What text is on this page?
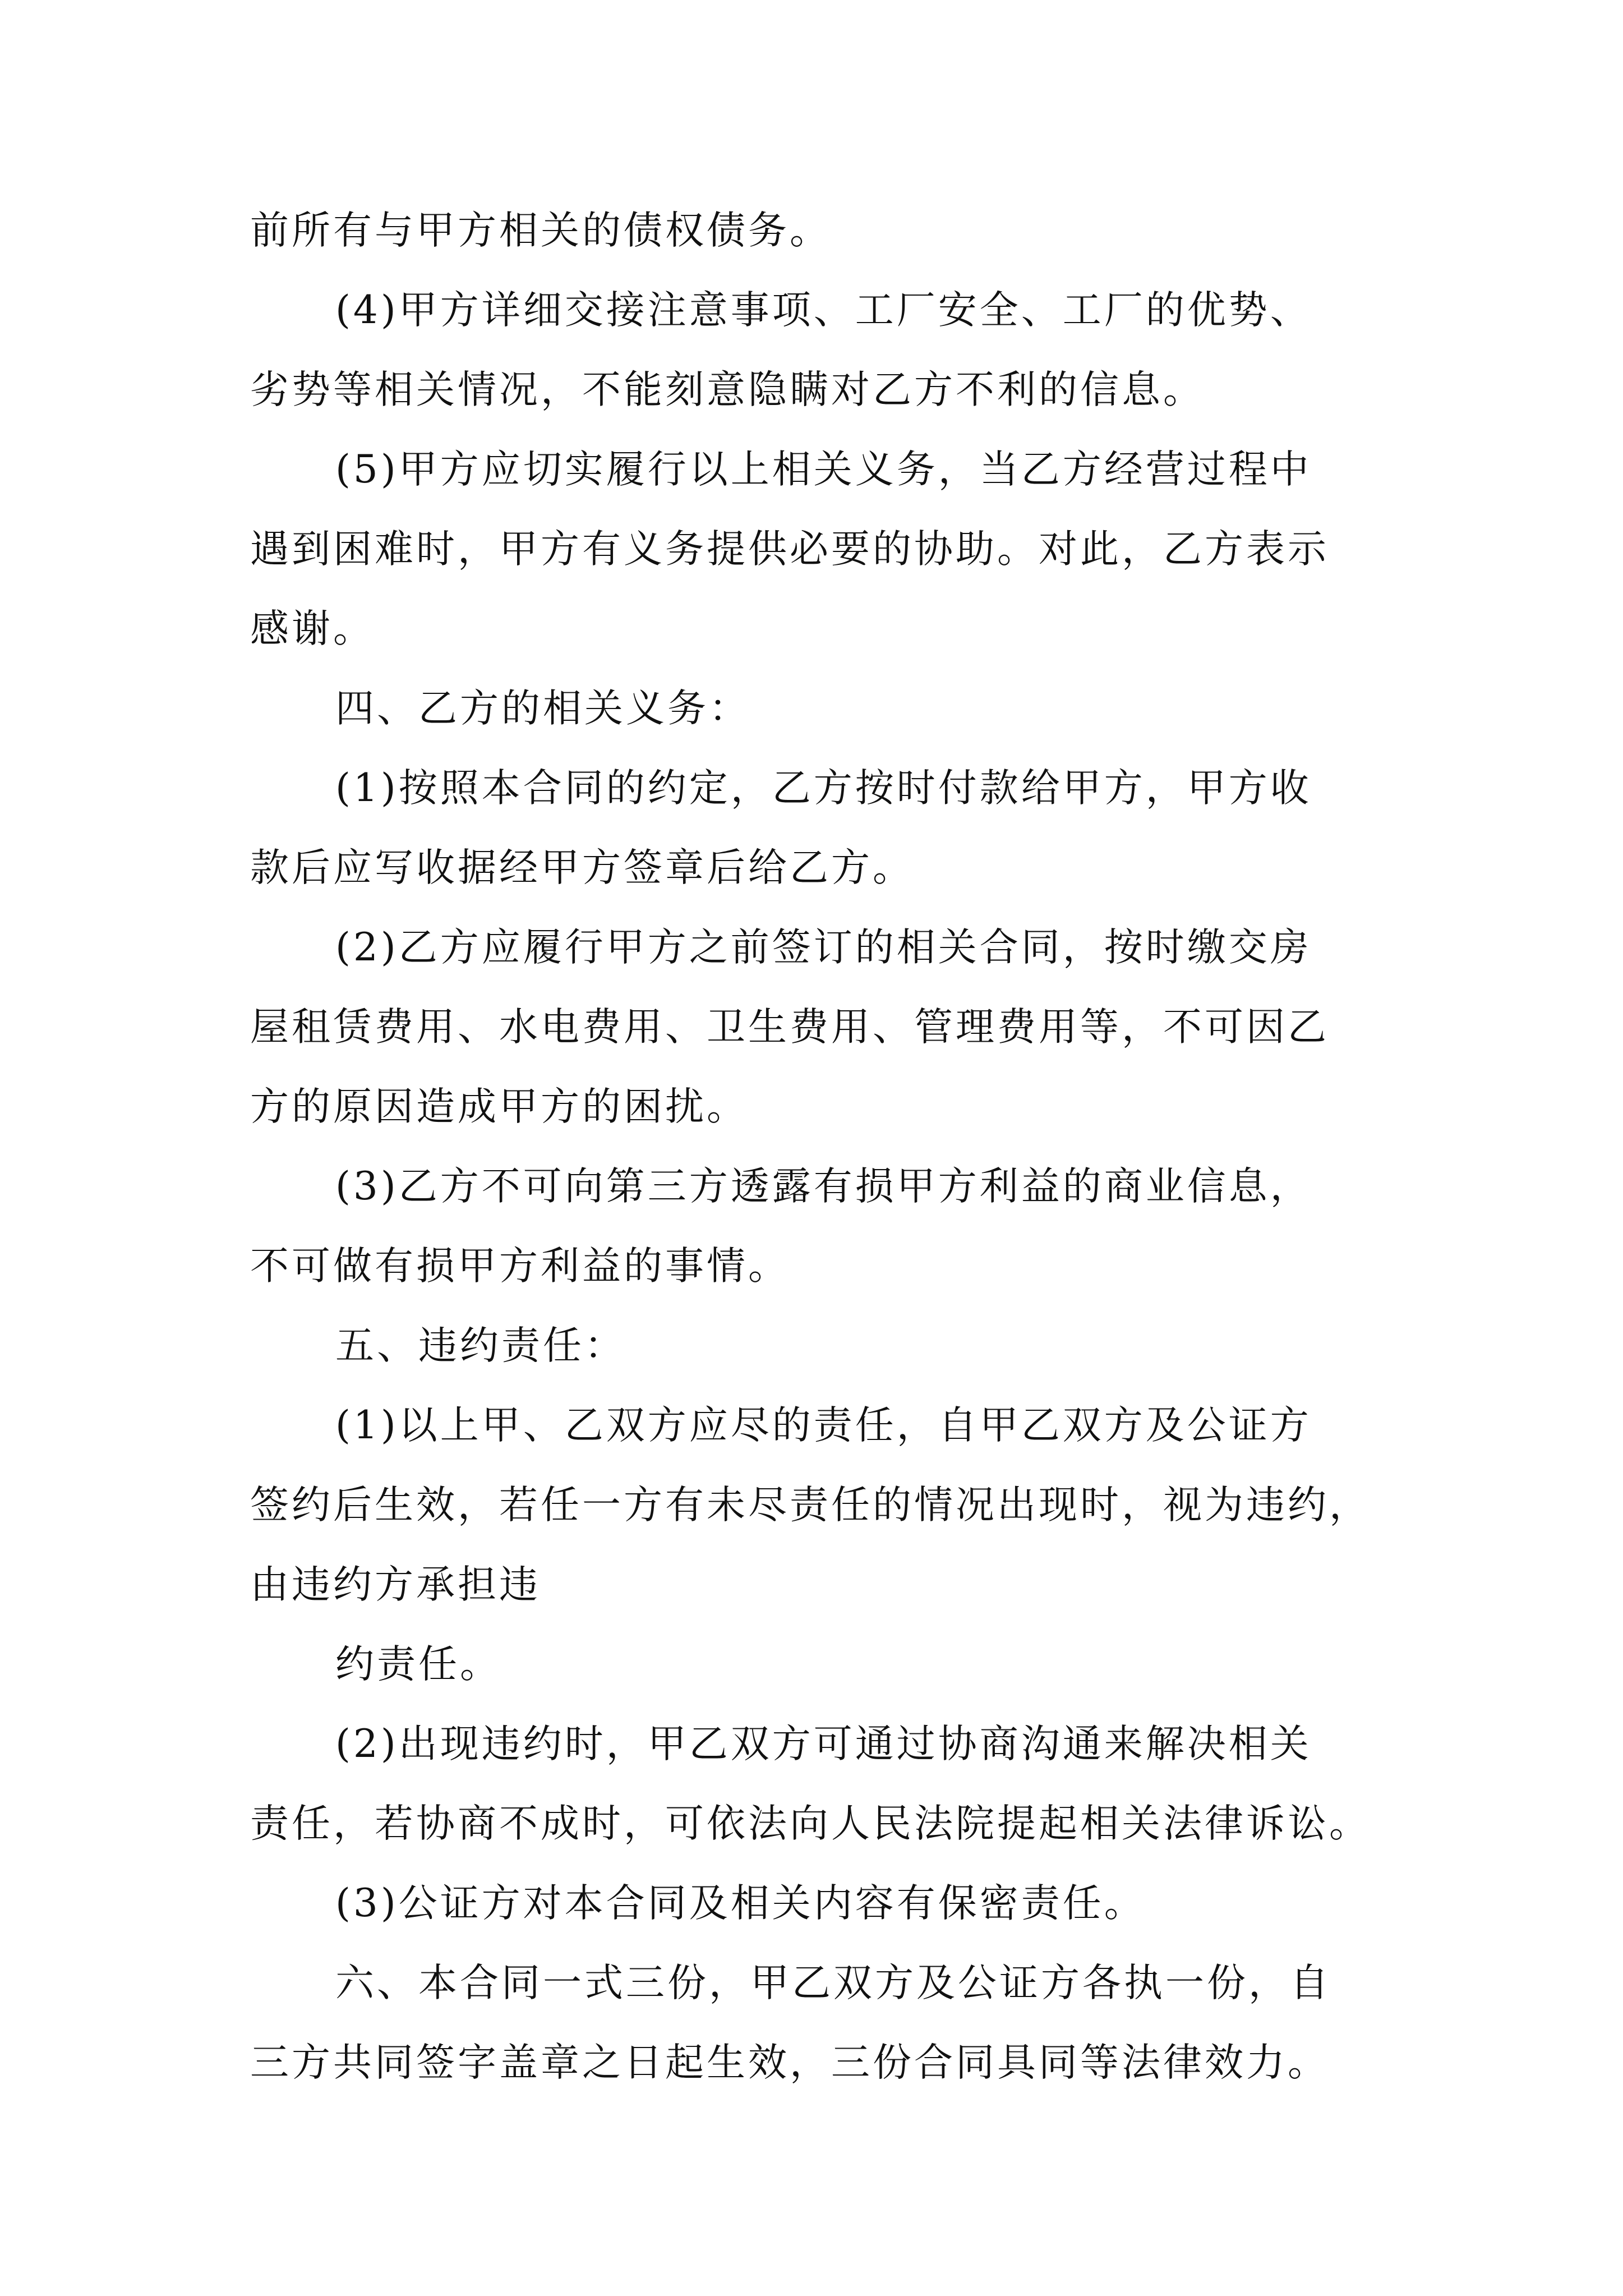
前所有与甲方相关的债权债务。
(4)甲方详细交接注意事项、工厂安全、工厂的优势、
劣势等相关情况，不能刻意隐瞒对乙方不利的信息。
(5)甲方应切实履行以上相关义务，当乙方经营过程中
遇到困难时，甲方有义务提供必要的协助。对此，乙方表示
感谢。
四、乙方的相关义务：
(1)按照本合同的约定，乙方按时付款给甲方，甲方收
款后应写收据经甲方签章后给乙方。
(2)乙方应履行甲方之前签订的相关合同，按时缴交房
屋租赁费用、水电费用、卫生费用、管理费用等，不可因乙
方的原因造成甲方的困扰。
(3)乙方不可向第三方透露有损甲方利益的商业信息，
不可做有损甲方利益的事情。
五、违约责任：
(1)以上甲、乙双方应尽的责任，自甲乙双方及公证方
签约后生效，若任一方有未尽责任的情况出现时，视为违约，
由违约方承担违
约责任。
(2)出现违约时，甲乙双方可通过协商沟通来解决相关
责任，若协商不成时，可依法向人民法院提起相关法律诉讼。
(3)公证方对本合同及相关内容有保密责任。
六、本合同一式三份，甲乙双方及公证方各执一份，自
三方共同签字盖章之日起生效，三份合同具同等法律效力。
